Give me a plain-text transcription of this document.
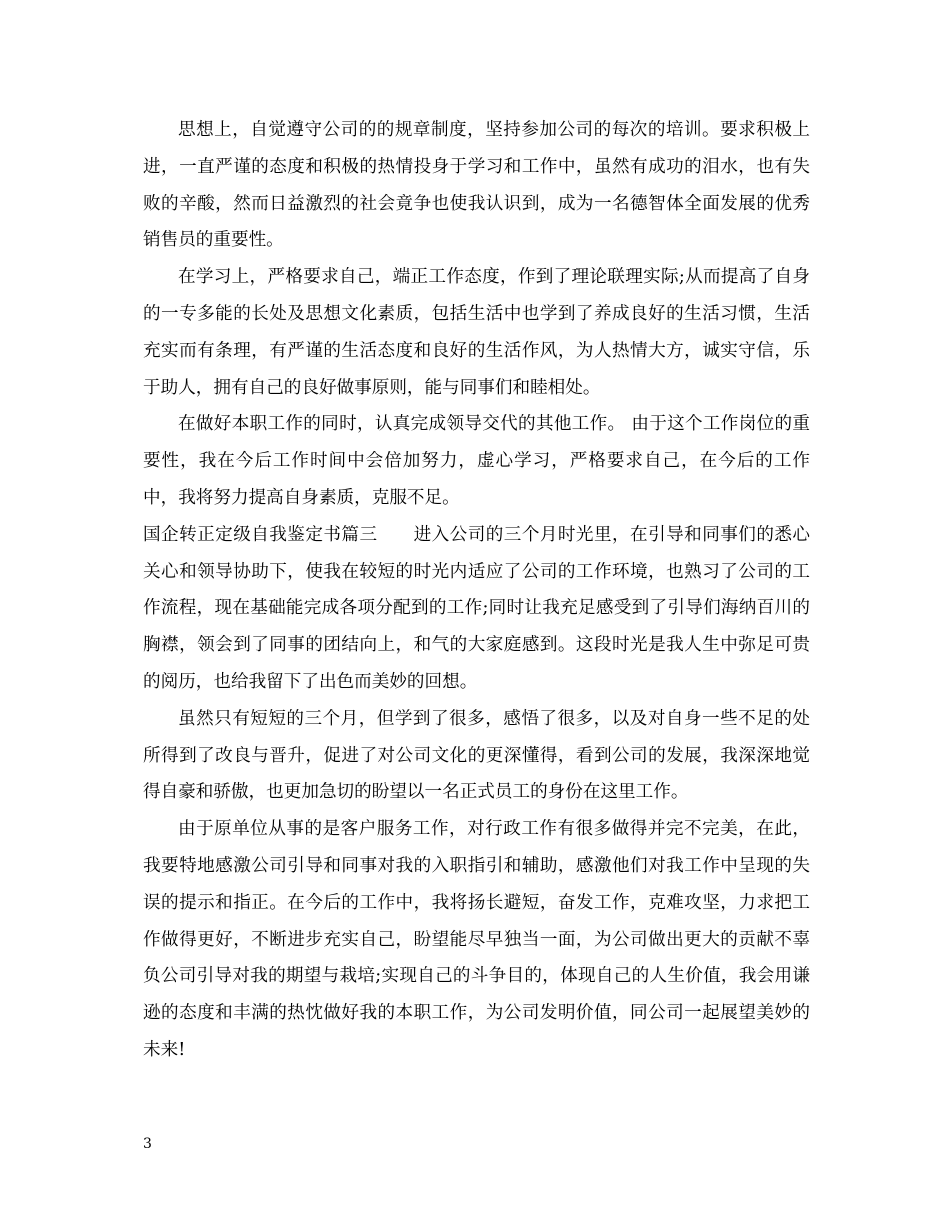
思想上，自觉遵守公司的的规章制度，坚持参加公司的每次的培训。要求积极上进，一直严谨的态度和积极的热情投身于学习和工作中，虽然有成功的泪水，也有失败的辛酸，然而日益激烈的社会竟争也使我认识到，成为一名德智体全面发展的优秀销售员的重要性。

在学习上，严格要求自己，端正工作态度，作到了理论联理实际;从而提高了自身的一专多能的长处及思想文化素质，包括生活中也学到了养成良好的生活习惯，生活充实而有条理，有严谨的生活态度和良好的生活作风，为人热情大方，诚实守信，乐于助人，拥有自己的良好做事原则，能与同事们和睦相处。

在做好本职工作的同时，认真完成领导交代的其他工作。 由于这个工作岗位的重要性，我在今后工作时间中会倍加努力，虚心学习，严格要求自己，在今后的工作中，我将努力提高自身素质，克服不足。

国企转正定级自我鉴定书篇三　　进入公司的三个月时光里，在引导和同事们的悉心关心和领导协助下，使我在较短的时光内适应了公司的工作环境，也熟习了公司的工作流程，现在基础能完成各项分配到的工作;同时让我充足感受到了引导们海纳百川的胸襟，领会到了同事的团结向上，和气的大家庭感到。这段时光是我人生中弥足可贵的阅历，也给我留下了出色而美妙的回想。

虽然只有短短的三个月，但学到了很多，感悟了很多，以及对自身一些不足的处所得到了改良与晋升，促进了对公司文化的更深懂得，看到公司的发展，我深深地觉得自豪和骄傲，也更加急切的盼望以一名正式员工的身份在这里工作。

由于原单位从事的是客户服务工作，对行政工作有很多做得并完不完美，在此，我要特地感激公司引导和同事对我的入职指引和辅助，感激他们对我工作中呈现的失误的提示和指正。在今后的工作中，我将扬长避短，奋发工作，克难攻坚，力求把工作做得更好，不断进步充实自己，盼望能尽早独当一面，为公司做出更大的贡献不辜负公司引导对我的期望与栽培;实现自己的斗争目的，体现自己的人生价值，我会用谦逊的态度和丰满的热忱做好我的本职工作，为公司发明价值，同公司一起展望美妙的未来!

3
